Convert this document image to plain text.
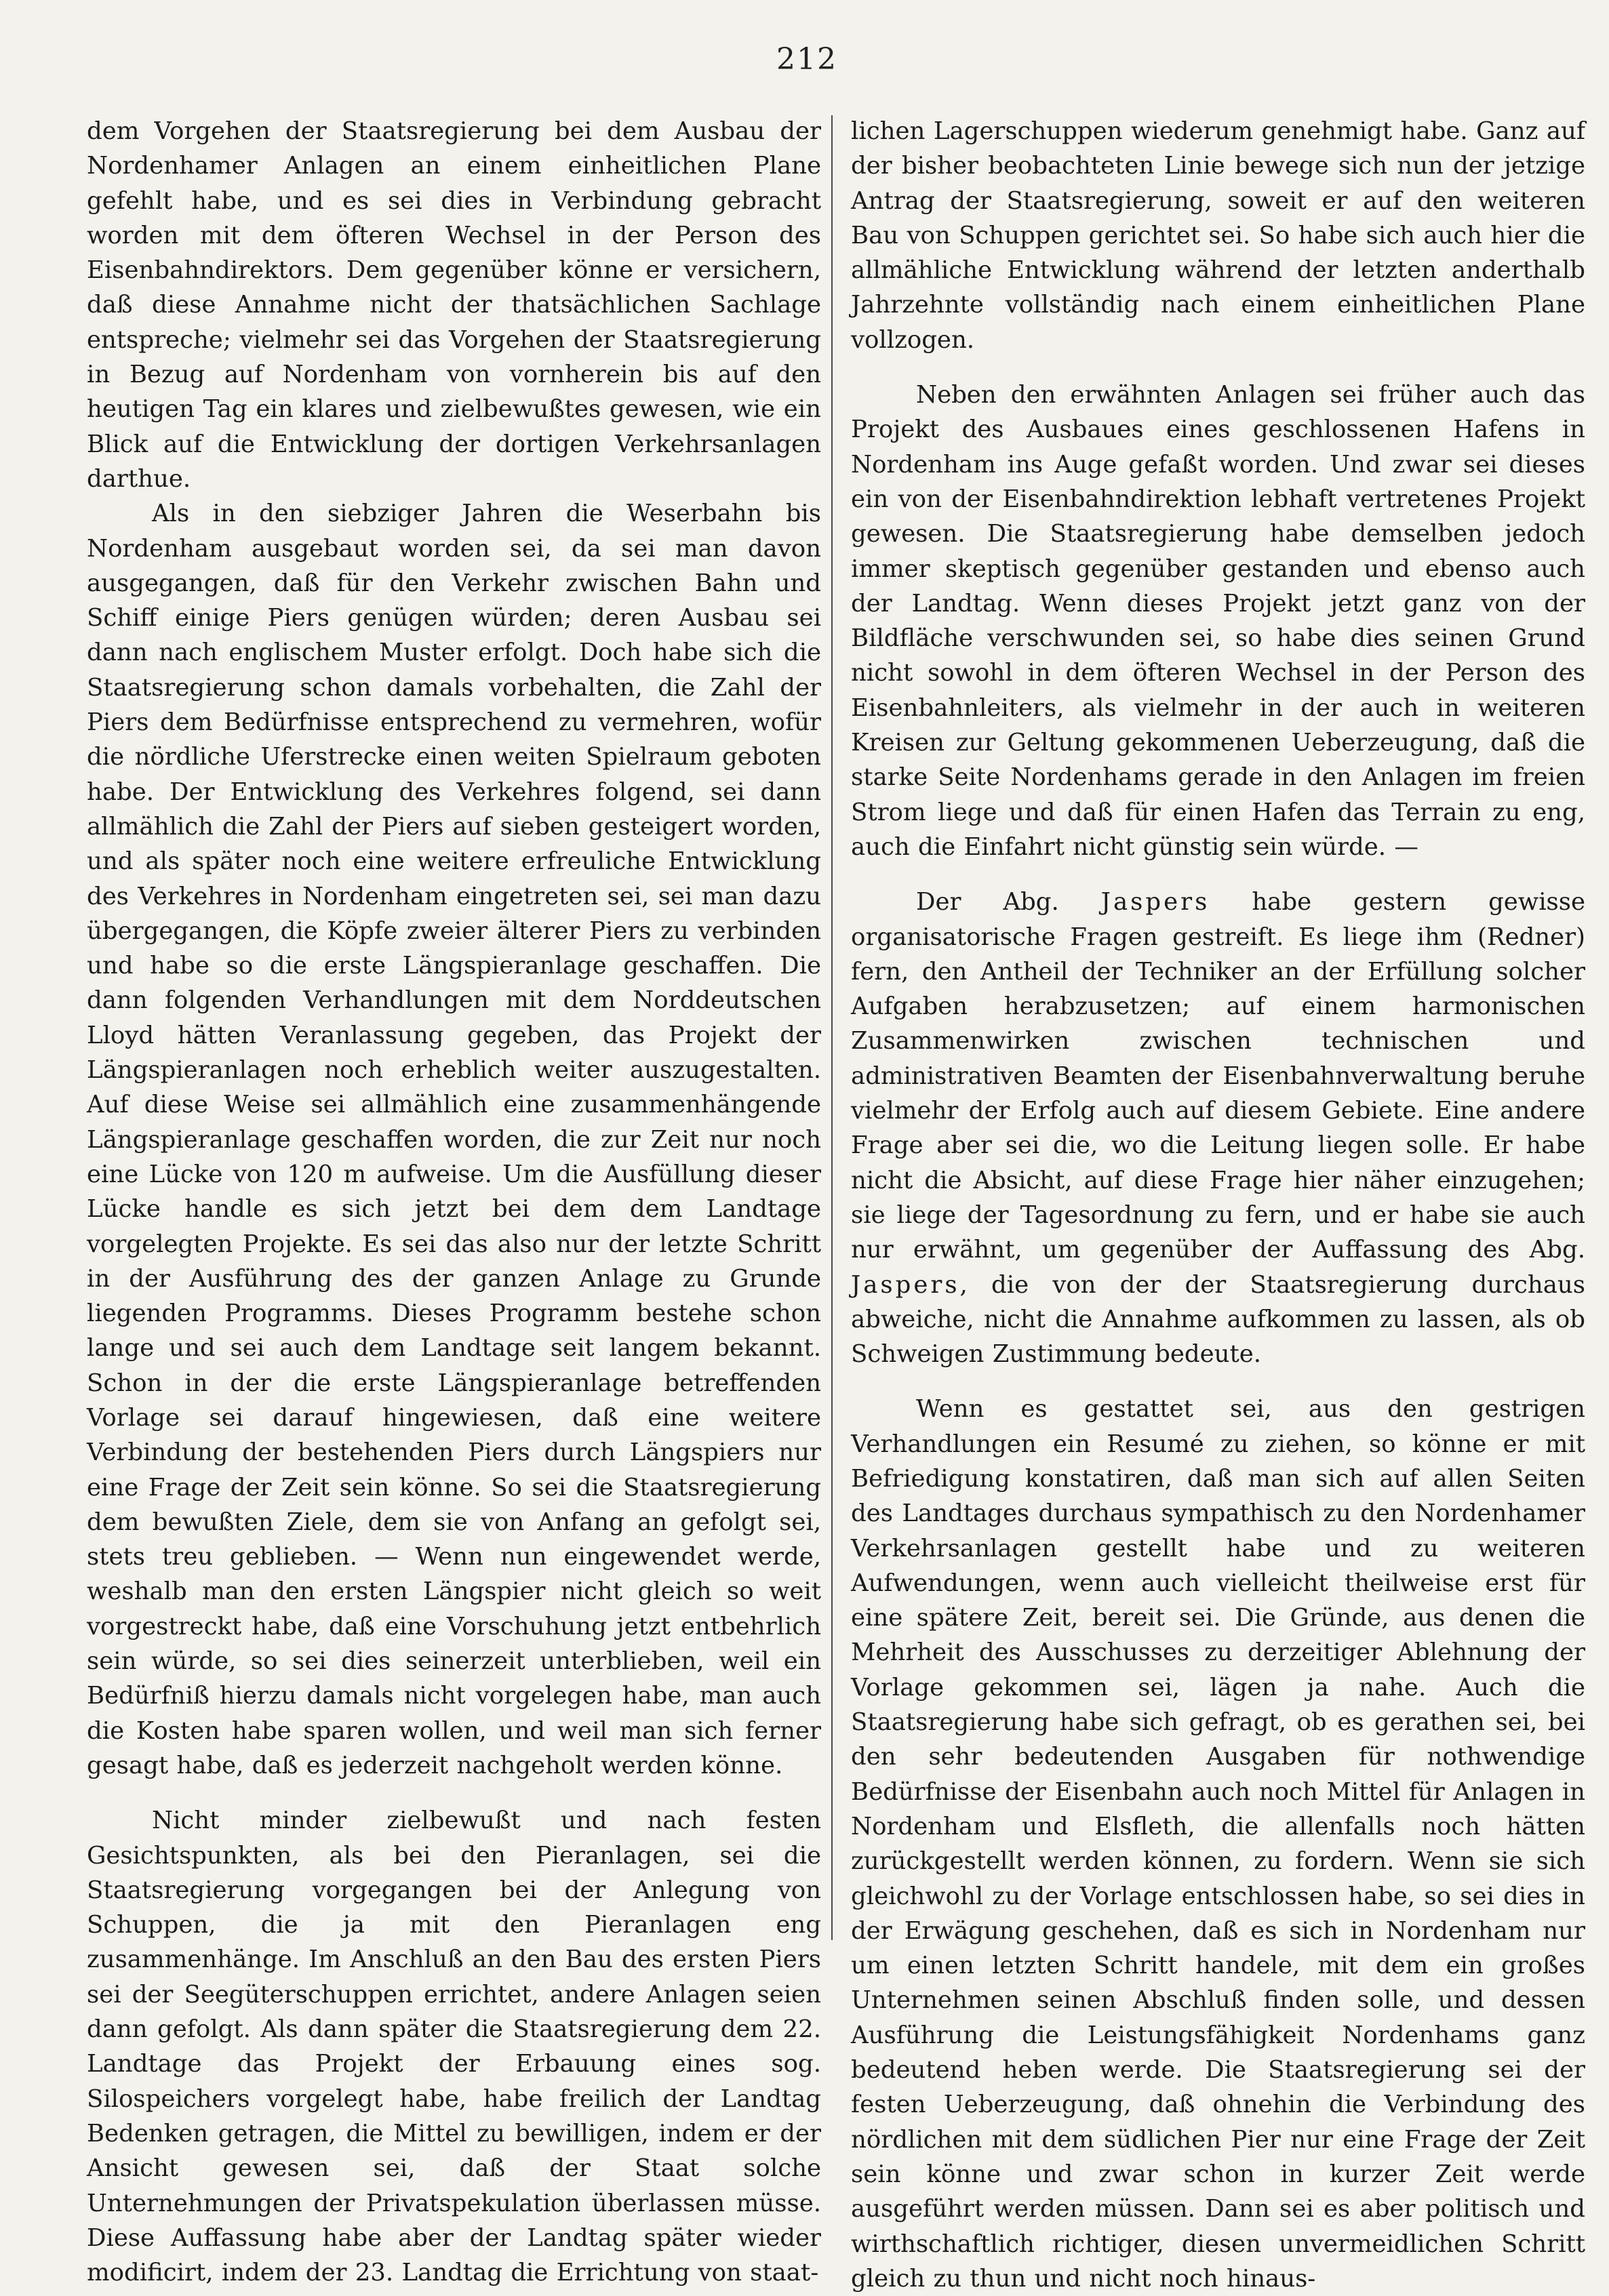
212

dem Vorgehen der Staatsregierung bei dem Ausbau der Nordenhamer Anlagen an einem einheitlichen Plane gefehlt habe, und es sei dies in Verbindung gebracht worden mit dem öfteren Wechsel in der Person des Eisenbahndirektors. Dem gegenüber könne er versichern, daß diese Annahme nicht der thatsächlichen Sachlage entspreche; vielmehr sei das Vorgehen der Staatsregierung in Bezug auf Nordenham von vornherein bis auf den heutigen Tag ein klares und zielbewußtes gewesen, wie ein Blick auf die Entwicklung der dortigen Verkehrsanlagen darthue.

Als in den siebziger Jahren die Weserbahn bis Nordenham ausgebaut worden sei, da sei man davon ausgegangen, daß für den Verkehr zwischen Bahn und Schiff einige Piers genügen würden; deren Ausbau sei dann nach englischem Muster erfolgt. Doch habe sich die Staatsregierung schon damals vorbehalten, die Zahl der Piers dem Bedürfnisse entsprechend zu vermehren, wofür die nördliche Uferstrecke einen weiten Spielraum geboten habe. Der Entwicklung des Verkehres folgend, sei dann allmählich die Zahl der Piers auf sieben gesteigert worden, und als später noch eine weitere erfreuliche Entwicklung des Verkehres in Nordenham eingetreten sei, sei man dazu übergegangen, die Köpfe zweier älterer Piers zu verbinden und habe so die erste Längspieranlage geschaffen. Die dann folgenden Verhandlungen mit dem Norddeutschen Lloyd hätten Veranlassung gegeben, das Projekt der Längspieranlagen noch erheblich weiter auszugestalten. Auf diese Weise sei allmählich eine zusammenhängende Längspieranlage geschaffen worden, die zur Zeit nur noch eine Lücke von 120 m aufweise. Um die Ausfüllung dieser Lücke handle es sich jetzt bei dem dem Landtage vorgelegten Projekte. Es sei das also nur der letzte Schritt in der Ausführung des der ganzen Anlage zu Grunde liegenden Programms. Dieses Programm bestehe schon lange und sei auch dem Landtage seit langem bekannt. Schon in der die erste Längspieranlage betreffenden Vorlage sei darauf hingewiesen, daß eine weitere Verbindung der bestehenden Piers durch Längspiers nur eine Frage der Zeit sein könne. So sei die Staatsregierung dem bewußten Ziele, dem sie von Anfang an gefolgt sei, stets treu geblieben. — Wenn nun eingewendet werde, weshalb man den ersten Längspier nicht gleich so weit vorgestreckt habe, daß eine Vorschuhung jetzt entbehrlich sein würde, so sei dies seinerzeit unterblieben, weil ein Bedürfniß hierzu damals nicht vorgelegen habe, man auch die Kosten habe sparen wollen, und weil man sich ferner gesagt habe, daß es jederzeit nachgeholt werden könne.

Nicht minder zielbewußt und nach festen Gesichtspunkten, als bei den Pieranlagen, sei die Staatsregierung vorgegangen bei der Anlegung von Schuppen, die ja mit den Pieranlagen eng zusammenhänge. Im Anschluß an den Bau des ersten Piers sei der Seegüterschuppen errichtet, andere Anlagen seien dann gefolgt. Als dann später die Staatsregierung dem 22. Landtage das Projekt der Erbauung eines sog. Silospeichers vorgelegt habe, habe freilich der Landtag Bedenken getragen, die Mittel zu bewilligen, indem er der Ansicht gewesen sei, daß der Staat solche Unternehmungen der Privatspekulation überlassen müsse. Diese Auffassung habe aber der Landtag später wieder modificirt, indem der 23. Landtag die Errichtung von staat-

lichen Lagerschuppen wiederum genehmigt habe. Ganz auf der bisher beobachteten Linie bewege sich nun der jetzige Antrag der Staatsregierung, soweit er auf den weiteren Bau von Schuppen gerichtet sei. So habe sich auch hier die allmähliche Entwicklung während der letzten anderthalb Jahrzehnte vollständig nach einem einheitlichen Plane vollzogen.

Neben den erwähnten Anlagen sei früher auch das Projekt des Ausbaues eines geschlossenen Hafens in Nordenham ins Auge gefaßt worden. Und zwar sei dieses ein von der Eisenbahndirektion lebhaft vertretenes Projekt gewesen. Die Staatsregierung habe demselben jedoch immer skeptisch gegenüber gestanden und ebenso auch der Landtag. Wenn dieses Projekt jetzt ganz von der Bildfläche verschwunden sei, so habe dies seinen Grund nicht sowohl in dem öfteren Wechsel in der Person des Eisenbahnleiters, als vielmehr in der auch in weiteren Kreisen zur Geltung gekommenen Ueberzeugung, daß die starke Seite Nordenhams gerade in den Anlagen im freien Strom liege und daß für einen Hafen das Terrain zu eng, auch die Einfahrt nicht günstig sein würde. —

Der Abg. Jaspers habe gestern gewisse organisatorische Fragen gestreift. Es liege ihm (Redner) fern, den Antheil der Techniker an der Erfüllung solcher Aufgaben herabzusetzen; auf einem harmonischen Zusammenwirken zwischen technischen und administrativen Beamten der Eisenbahnverwaltung beruhe vielmehr der Erfolg auch auf diesem Gebiete. Eine andere Frage aber sei die, wo die Leitung liegen solle. Er habe nicht die Absicht, auf diese Frage hier näher einzugehen; sie liege der Tagesordnung zu fern, und er habe sie auch nur erwähnt, um gegenüber der Auffassung des Abg. Jaspers, die von der der Staatsregierung durchaus abweiche, nicht die Annahme aufkommen zu lassen, als ob Schweigen Zustimmung bedeute.

Wenn es gestattet sei, aus den gestrigen Verhandlungen ein Resumé zu ziehen, so könne er mit Befriedigung konstatiren, daß man sich auf allen Seiten des Landtages durchaus sympathisch zu den Nordenhamer Verkehrsanlagen gestellt habe und zu weiteren Aufwendungen, wenn auch vielleicht theilweise erst für eine spätere Zeit, bereit sei. Die Gründe, aus denen die Mehrheit des Ausschusses zu derzeitiger Ablehnung der Vorlage gekommen sei, lägen ja nahe. Auch die Staatsregierung habe sich gefragt, ob es gerathen sei, bei den sehr bedeutenden Ausgaben für nothwendige Bedürfnisse der Eisenbahn auch noch Mittel für Anlagen in Nordenham und Elsfleth, die allenfalls noch hätten zurückgestellt werden können, zu fordern. Wenn sie sich gleichwohl zu der Vorlage entschlossen habe, so sei dies in der Erwägung geschehen, daß es sich in Nordenham nur um einen letzten Schritt handele, mit dem ein großes Unternehmen seinen Abschluß finden solle, und dessen Ausführung die Leistungsfähigkeit Nordenhams ganz bedeutend heben werde. Die Staatsregierung sei der festen Ueberzeugung, daß ohnehin die Verbindung des nördlichen mit dem südlichen Pier nur eine Frage der Zeit sein könne und zwar schon in kurzer Zeit werde ausgeführt werden müssen. Dann sei es aber politisch und wirthschaftlich richtiger, diesen unvermeidlichen Schritt gleich zu thun und nicht noch hinaus-
